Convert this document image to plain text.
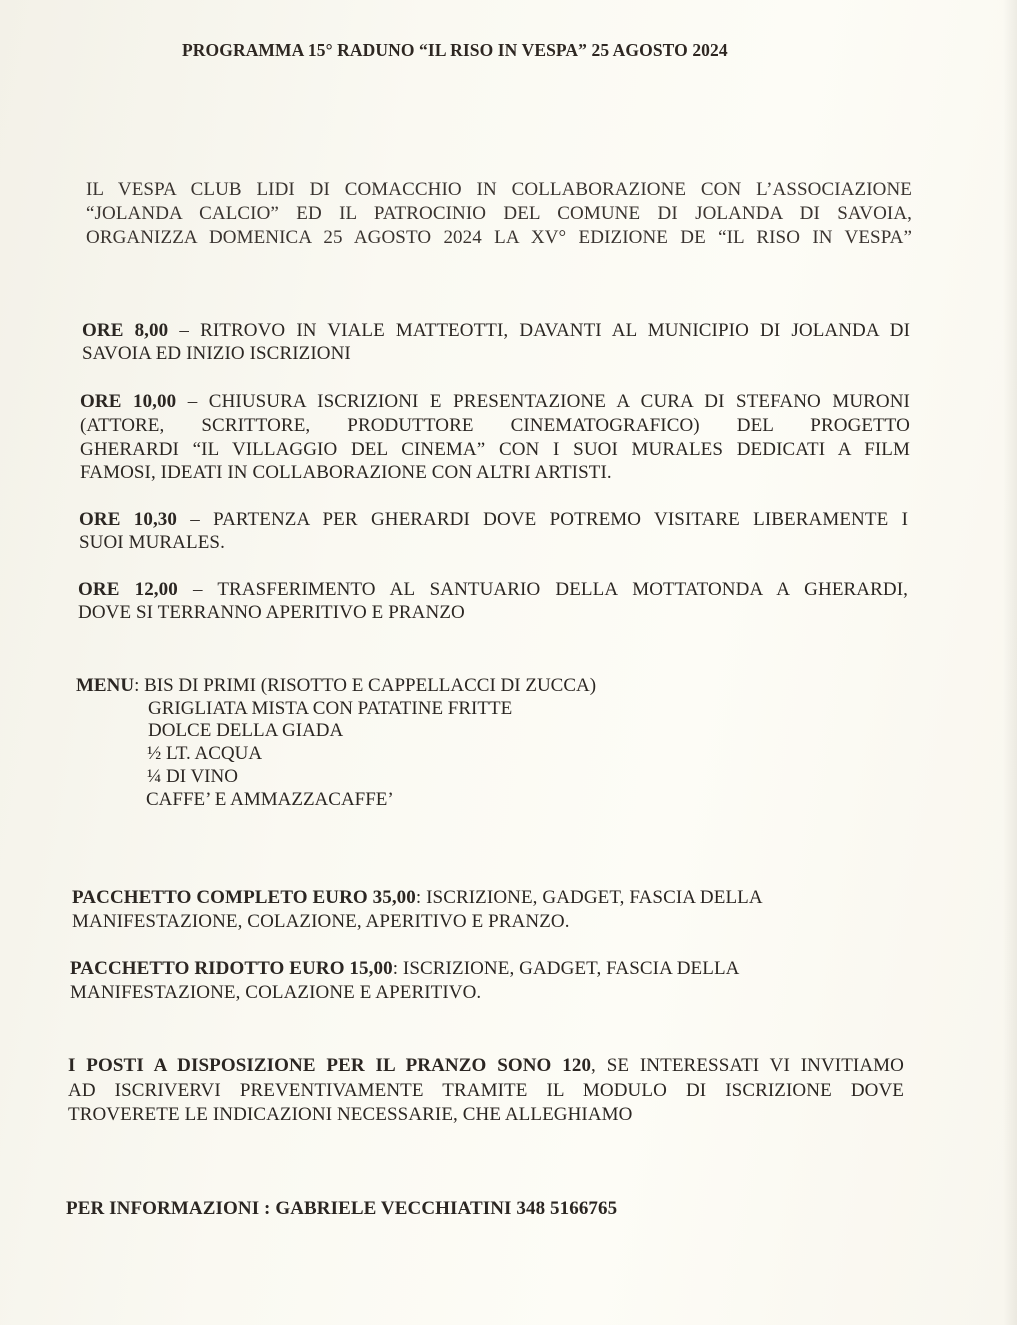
PROGRAMMA 15° RADUNO “IL RISO IN VESPA” 25 AGOSTO 2024
IL VESPA CLUB LIDI DI COMACCHIO IN COLLABORAZIONE CON L’ASSOCIAZIONE
“JOLANDA CALCIO” ED IL PATROCINIO DEL COMUNE DI JOLANDA DI SAVOIA,
ORGANIZZA DOMENICA 25 AGOSTO 2024 LA XV° EDIZIONE DE “IL RISO IN VESPA”
ORE 8,00 – RITROVO IN VIALE MATTEOTTI, DAVANTI AL MUNICIPIO DI JOLANDA DI
SAVOIA ED INIZIO ISCRIZIONI
ORE 10,00 – CHIUSURA ISCRIZIONI E PRESENTAZIONE A CURA DI STEFANO MURONI
(ATTORE, SCRITTORE, PRODUTTORE CINEMATOGRAFICO) DEL PROGETTO
GHERARDI “IL VILLAGGIO DEL CINEMA” CON I SUOI MURALES DEDICATI A FILM
FAMOSI, IDEATI IN COLLABORAZIONE CON ALTRI ARTISTI.
ORE 10,30 – PARTENZA PER GHERARDI DOVE POTREMO VISITARE LIBERAMENTE I
SUOI MURALES.
ORE 12,00 – TRASFERIMENTO AL SANTUARIO DELLA MOTTATONDA A GHERARDI,
DOVE SI TERRANNO APERITIVO E PRANZO
MENU: BIS DI PRIMI (RISOTTO E CAPPELLACCI DI ZUCCA)
GRIGLIATA MISTA CON PATATINE FRITTE
DOLCE DELLA GIADA
½ LT. ACQUA
¼ DI VINO
CAFFE’ E AMMAZZACAFFE’
PACCHETTO COMPLETO EURO 35,00: ISCRIZIONE, GADGET, FASCIA DELLA
MANIFESTAZIONE, COLAZIONE, APERITIVO E PRANZO.
PACCHETTO RIDOTTO EURO 15,00: ISCRIZIONE, GADGET, FASCIA DELLA
MANIFESTAZIONE, COLAZIONE E APERITIVO.
I POSTI A DISPOSIZIONE PER IL PRANZO SONO 120, SE INTERESSATI VI INVITIAMO
AD ISCRIVERVI PREVENTIVAMENTE TRAMITE IL MODULO DI ISCRIZIONE DOVE
TROVERETE LE INDICAZIONI NECESSARIE, CHE ALLEGHIAMO
PER INFORMAZIONI : GABRIELE VECCHIATINI 348 5166765
